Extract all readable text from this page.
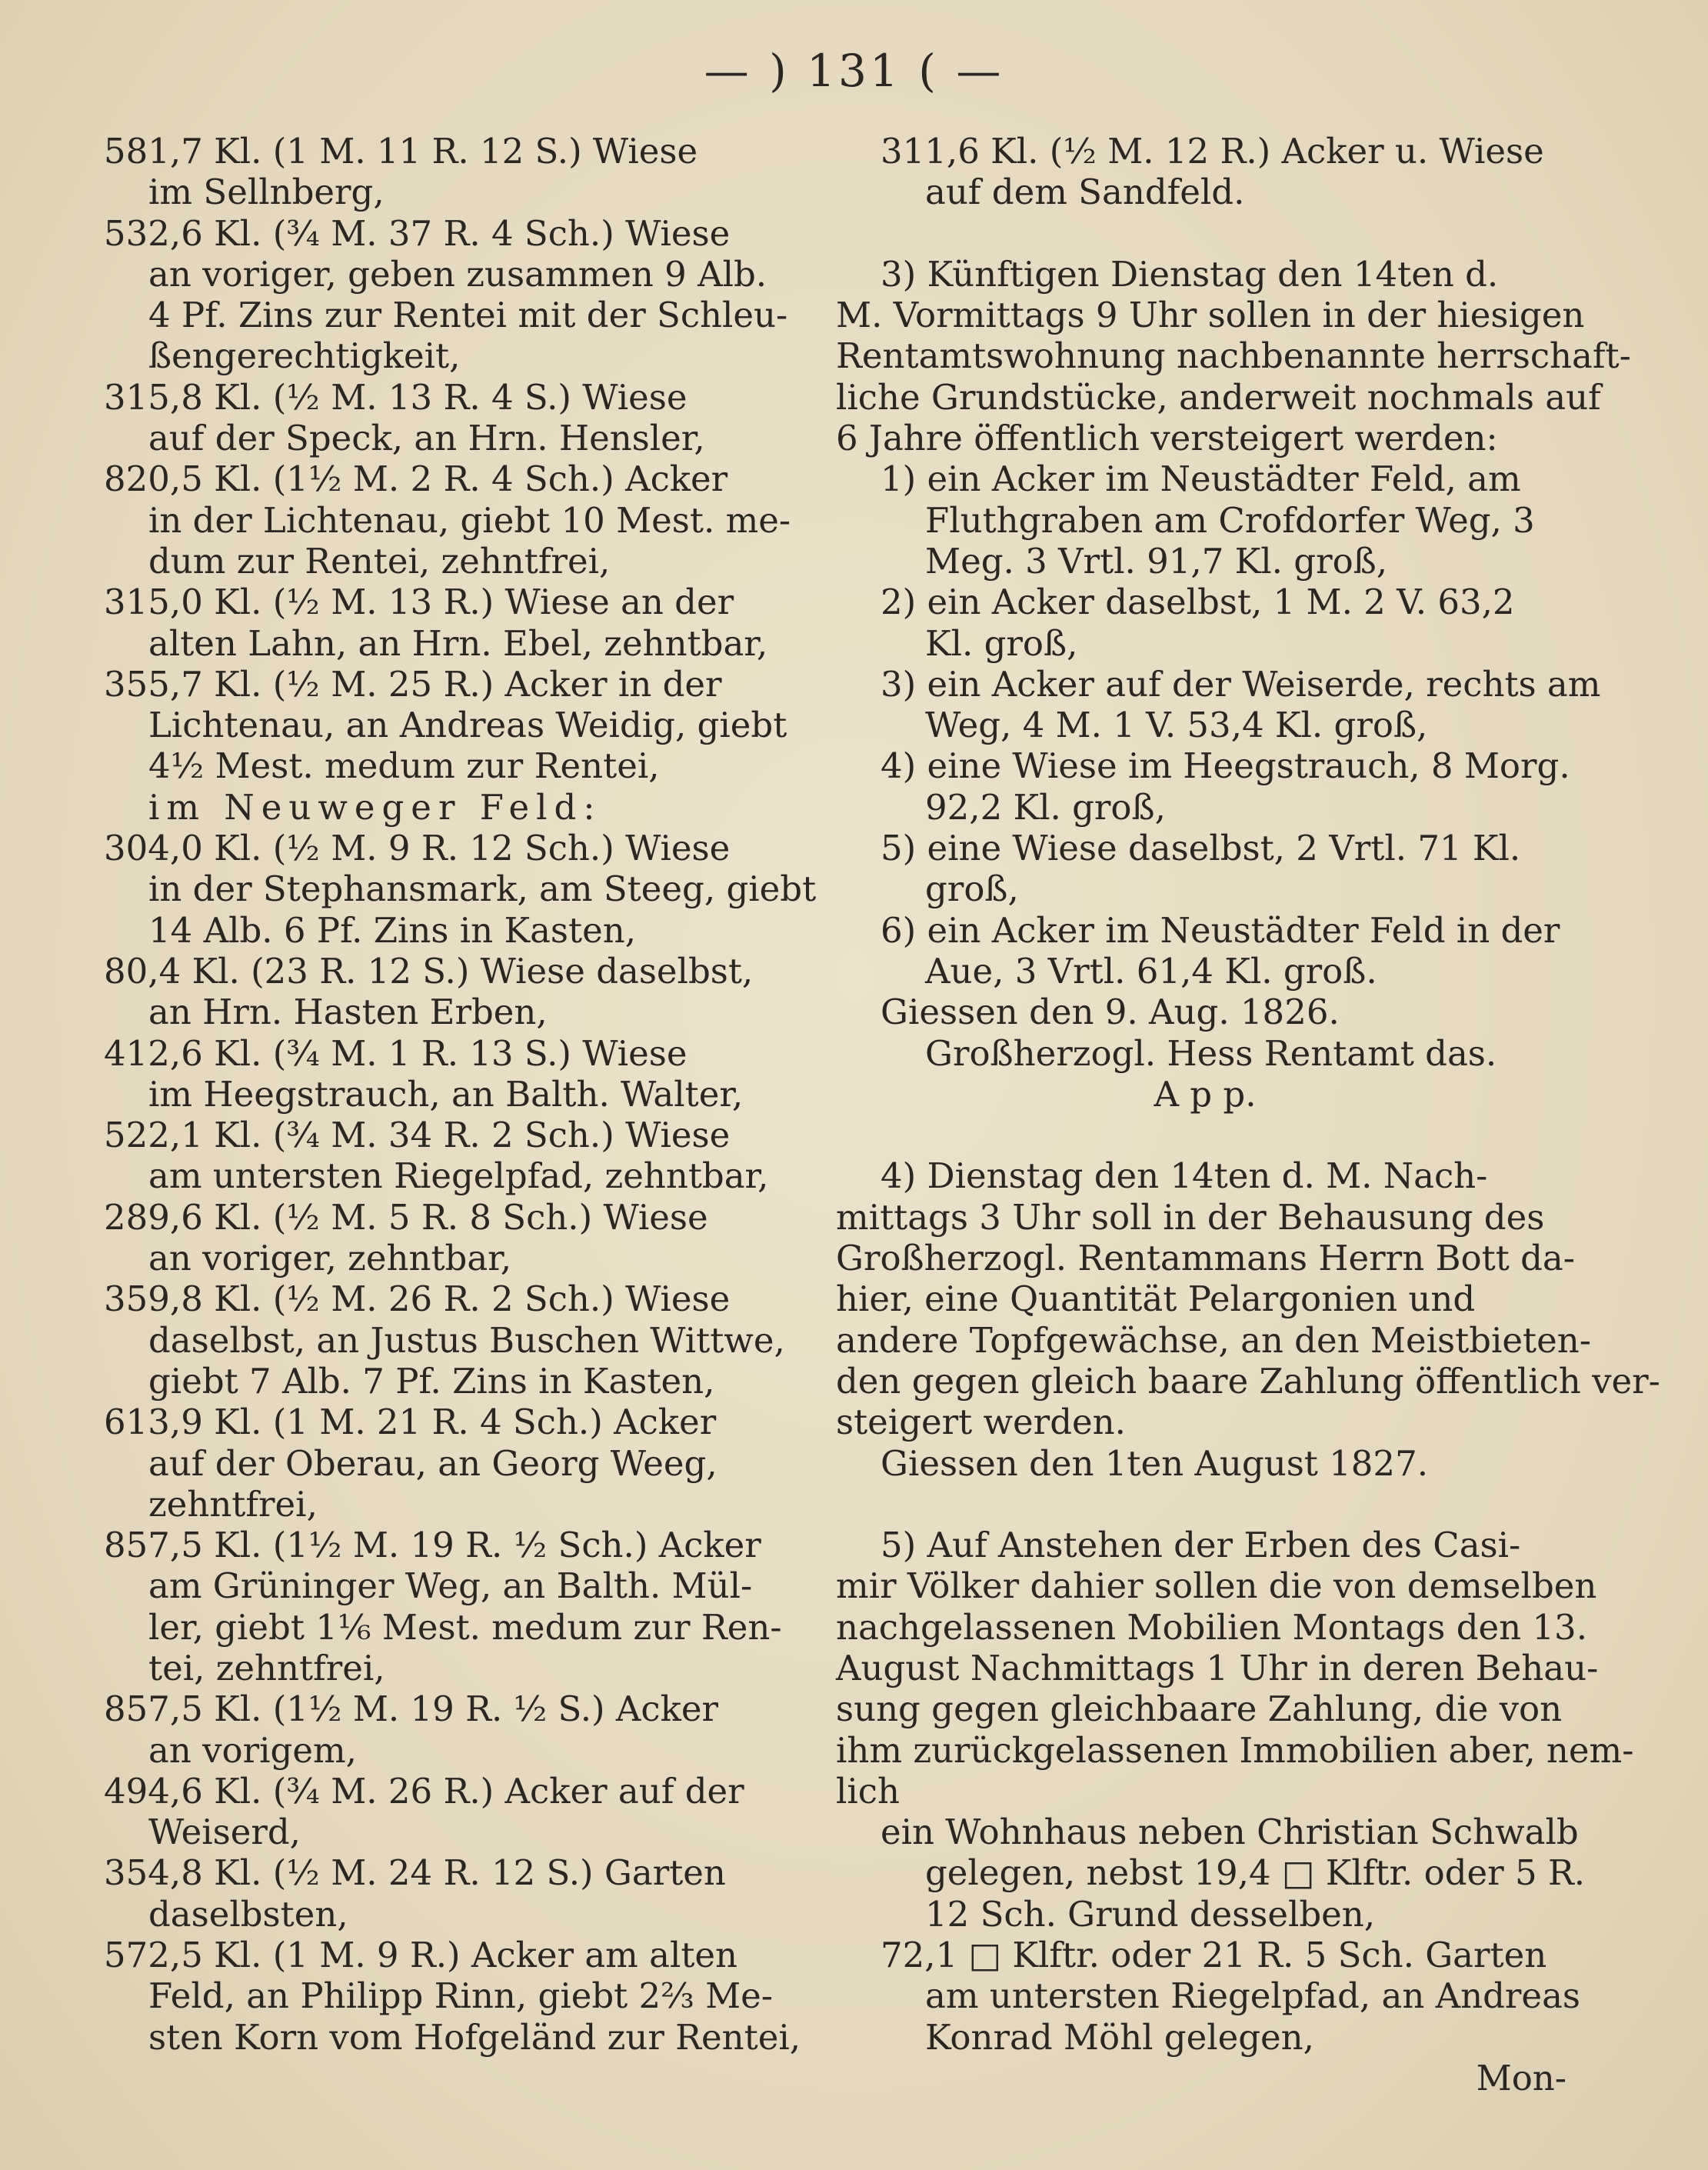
— ) 131 ( —
581,7 Kl. (1 M. 11 R. 12 S.) Wiese
im Sellnberg,
532,6 Kl. (¾ M. 37 R. 4 Sch.) Wiese
an voriger, geben zusammen 9 Alb.
4 Pf. Zins zur Rentei mit der Schleu-
ßengerechtigkeit,
315,8 Kl. (½ M. 13 R. 4 S.) Wiese
auf der Speck, an Hrn. Hensler,
820,5 Kl. (1½ M. 2 R. 4 Sch.) Acker
in der Lichtenau, giebt 10 Mest. me-
dum zur Rentei, zehntfrei,
315,0 Kl. (½ M. 13 R.) Wiese an der
alten Lahn, an Hrn. Ebel, zehntbar,
355,7 Kl. (½ M. 25 R.) Acker in der
Lichtenau, an Andreas Weidig, giebt
4½ Mest. medum zur Rentei,
im Neuweger Feld:
304,0 Kl. (½ M. 9 R. 12 Sch.) Wiese
in der Stephansmark, am Steeg, giebt
14 Alb. 6 Pf. Zins in Kasten,
80,4 Kl. (23 R. 12 S.) Wiese daselbst,
an Hrn. Hasten Erben,
412,6 Kl. (¾ M. 1 R. 13 S.) Wiese
im Heegstrauch, an Balth. Walter,
522,1 Kl. (¾ M. 34 R. 2 Sch.) Wiese
am untersten Riegelpfad, zehntbar,
289,6 Kl. (½ M. 5 R. 8 Sch.) Wiese
an voriger, zehntbar,
359,8 Kl. (½ M. 26 R. 2 Sch.) Wiese
daselbst, an Justus Buschen Wittwe,
giebt 7 Alb. 7 Pf. Zins in Kasten,
613,9 Kl. (1 M. 21 R. 4 Sch.) Acker
auf der Oberau, an Georg Weeg,
zehntfrei,
857,5 Kl. (1½ M. 19 R. ½ Sch.) Acker
am Grüninger Weg, an Balth. Mül-
ler, giebt 1⅙ Mest. medum zur Ren-
tei, zehntfrei,
857,5 Kl. (1½ M. 19 R. ½ S.) Acker
an vorigem,
494,6 Kl. (¾ M. 26 R.) Acker auf der
Weiserd,
354,8 Kl. (½ M. 24 R. 12 S.) Garten
daselbsten,
572,5 Kl. (1 M. 9 R.) Acker am alten
Feld, an Philipp Rinn, giebt 2⅔ Me-
sten Korn vom Hofgeländ zur Rentei,
311,6 Kl. (½ M. 12 R.) Acker u. Wiese
auf dem Sandfeld.
3) Künftigen Dienstag den 14ten d.
M. Vormittags 9 Uhr sollen in der hiesigen
Rentamtswohnung nachbenannte herrschaft-
liche Grundstücke, anderweit nochmals auf
6 Jahre öffentlich versteigert werden:
1) ein Acker im Neustädter Feld, am
Fluthgraben am Crofdorfer Weg, 3
Meg. 3 Vrtl. 91,7 Kl. groß,
2) ein Acker daselbst, 1 M. 2 V. 63,2
Kl. groß,
3) ein Acker auf der Weiserde, rechts am
Weg, 4 M. 1 V. 53,4 Kl. groß,
4) eine Wiese im Heegstrauch, 8 Morg.
92,2 Kl. groß,
5) eine Wiese daselbst, 2 Vrtl. 71 Kl.
groß,
6) ein Acker im Neustädter Feld in der
Aue, 3 Vrtl. 61,4 Kl. groß.
Giessen den 9. Aug. 1826.
Großherzogl. Hess Rentamt das.
A p p.
4) Dienstag den 14ten d. M. Nach-
mittags 3 Uhr soll in der Behausung des
Großherzogl. Rentammans Herrn Bott da-
hier, eine Quantität Pelargonien und
andere Topfgewächse, an den Meistbieten-
den gegen gleich baare Zahlung öffentlich ver-
steigert werden.
Giessen den 1ten August 1827.
5) Auf Anstehen der Erben des Casi-
mir Völker dahier sollen die von demselben
nachgelassenen Mobilien Montags den 13.
August Nachmittags 1 Uhr in deren Behau-
sung gegen gleichbaare Zahlung, die von
ihm zurückgelassenen Immobilien aber, nem-
lich
ein Wohnhaus neben Christian Schwalb
gelegen, nebst 19,4 □ Klftr. oder 5 R.
12 Sch. Grund desselben,
72,1 □ Klftr. oder 21 R. 5 Sch. Garten
am untersten Riegelpfad, an Andreas
Konrad Möhl gelegen,
Mon-
